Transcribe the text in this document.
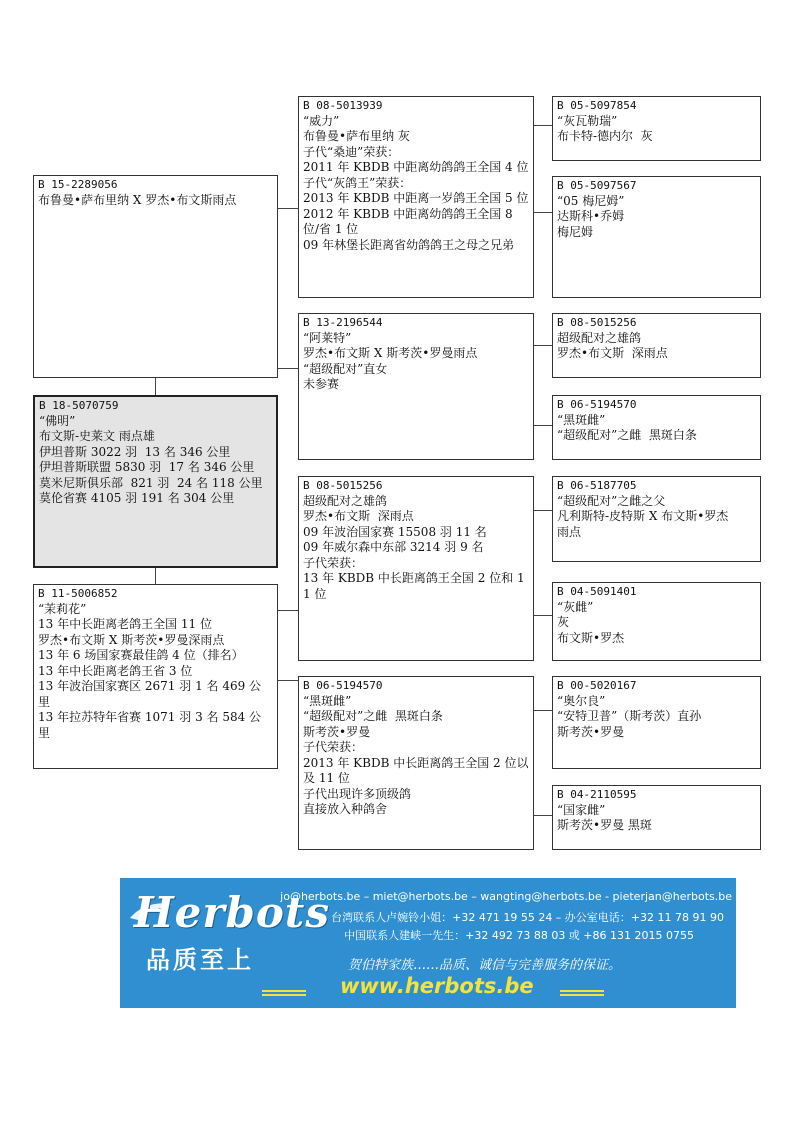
B 15-2289056
布鲁曼•萨布里纳 X 罗杰•布文斯雨点
B 18-5070759
“佛明”
布文斯-史莱文 雨点雄
伊坦普斯 3022 羽  13 名 346 公里
伊坦普斯联盟 5830 羽  17 名 346 公里
莫米尼斯俱乐部  821 羽  24 名 118 公里
莫伦省赛 4105 羽 191 名 304 公里
B 11-5006852
“茉莉花”
13 年中长距离老鸽王全国 11 位
罗杰•布文斯 X 斯考茨•罗曼深雨点
13 年 6 场国家赛最佳鸽 4 位（排名）
13 年中长距离老鸽王省 3 位
13 年波治国家赛区 2671 羽 1 名 469 公里
13 年拉苏特年省赛 1071 羽 3 名 584 公里
B 08-5013939
“威力”
布鲁曼•萨布里纳 灰
子代“桑迪”荣获：
2011 年 KBDB 中距离幼鸽鸽王全国 4 位
子代“灰鸽王”荣获：
2013 年 KBDB 中距离一岁鸽王全国 5 位
2012 年 KBDB 中距离幼鸽鸽王全国 8 位/省 1 位
09 年林堡长距离省幼鸽鸽王之母之兄弟
B 13-2196544
“阿莱特”
罗杰•布文斯 X 斯考茨•罗曼雨点
“超级配对”直女
未参赛
B 08-5015256
超级配对之雄鸽
罗杰•布文斯  深雨点
09 年波治国家赛 15508 羽 11 名
09 年威尔森中东部 3214 羽 9 名
子代荣获：
13 年 KBDB 中长距离鸽王全国 2 位和 11 位
B 06-5194570
“黑斑雌”
“超级配对”之雌  黑斑白条
斯考茨•罗曼
子代荣获：
2013 年 KBDB 中长距离鸽王全国 2 位以及 11 位
子代出现许多顶级鸽
直接放入种鸽舍
B 05-5097854
“灰瓦勒瑞”
布卡特-德内尔  灰
B 05-5097567
“05 梅尼姆”
达斯科•乔姆
梅尼姆
B 08-5015256
超级配对之雄鸽
罗杰•布文斯  深雨点
B 06-5194570
“黑斑雌”
“超级配对”之雌  黑斑白条
B 06-5187705
“超级配对”之雌之父
凡利斯特-皮特斯 X 布文斯•罗杰
雨点
B 04-5091401
“灰雌”
灰
布文斯•罗杰
B 00-5020167
“奥尔良”
“安特卫普”（斯考茨）直孙
斯考茨•罗曼
B 04-2110595
“国家雌”
斯考茨•罗曼 黑斑
Herbots
品质至上
jo@herbots.be – miet@herbots.be – wangting@herbots.be - pieterjan@herbots.be
台湾联系人卢婉铃小姐：+32 471 19 55 24 – 办公室电话：+32 11 78 91 90
中国联系人建峡一先生：+32 492 73 88 03 或 +86 131 2015 0755
贺伯特家族……品质、诚信与完善服务的保证。
www.herbots.be
